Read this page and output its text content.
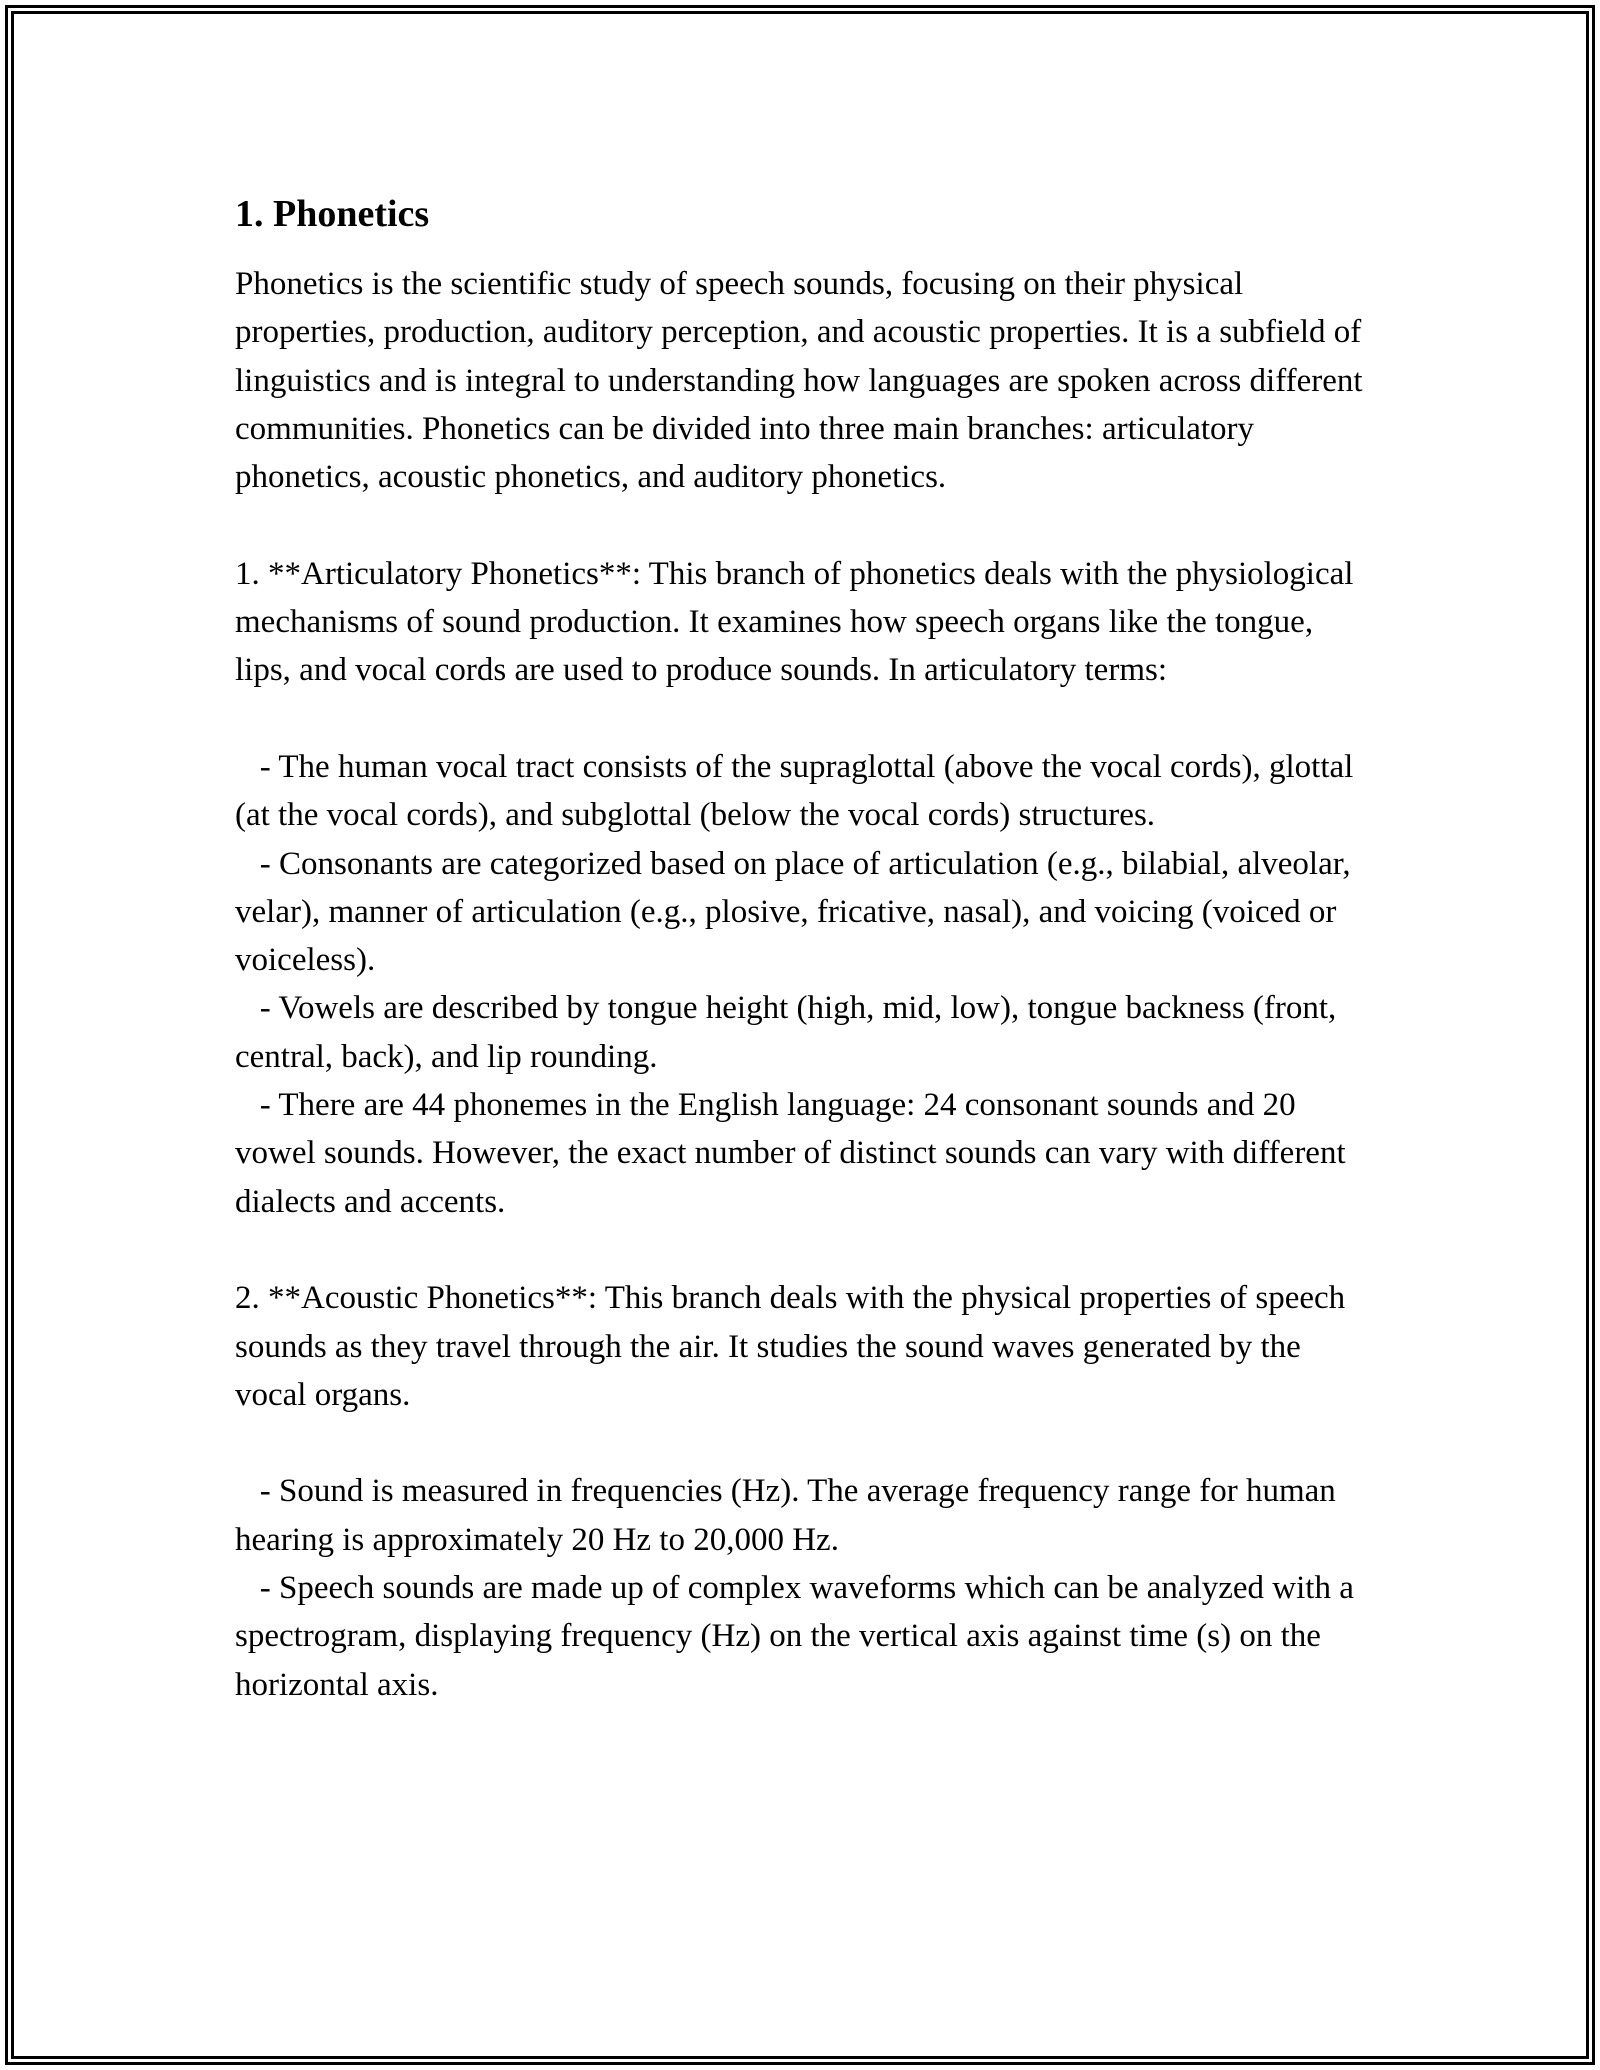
1. Phonetics

Phonetics is the scientific study of speech sounds, focusing on their physical properties, production, auditory perception, and acoustic properties. It is a subfield of linguistics and is integral to understanding how languages are spoken across different communities. Phonetics can be divided into three main branches: articulatory phonetics, acoustic phonetics, and auditory phonetics.

1. **Articulatory Phonetics**: This branch of phonetics deals with the physiological mechanisms of sound production. It examines how speech organs like the tongue, lips, and vocal cords are used to produce sounds. In articulatory terms:

- The human vocal tract consists of the supraglottal (above the vocal cords), glottal (at the vocal cords), and subglottal (below the vocal cords) structures.
- Consonants are categorized based on place of articulation (e.g., bilabial, alveolar, velar), manner of articulation (e.g., plosive, fricative, nasal), and voicing (voiced or voiceless).
- Vowels are described by tongue height (high, mid, low), tongue backness (front, central, back), and lip rounding.
- There are 44 phonemes in the English language: 24 consonant sounds and 20 vowel sounds. However, the exact number of distinct sounds can vary with different dialects and accents.

2. **Acoustic Phonetics**: This branch deals with the physical properties of speech sounds as they travel through the air. It studies the sound waves generated by the vocal organs.

- Sound is measured in frequencies (Hz). The average frequency range for human hearing is approximately 20 Hz to 20,000 Hz.
- Speech sounds are made up of complex waveforms which can be analyzed with a spectrogram, displaying frequency (Hz) on the vertical axis against time (s) on the horizontal axis.
